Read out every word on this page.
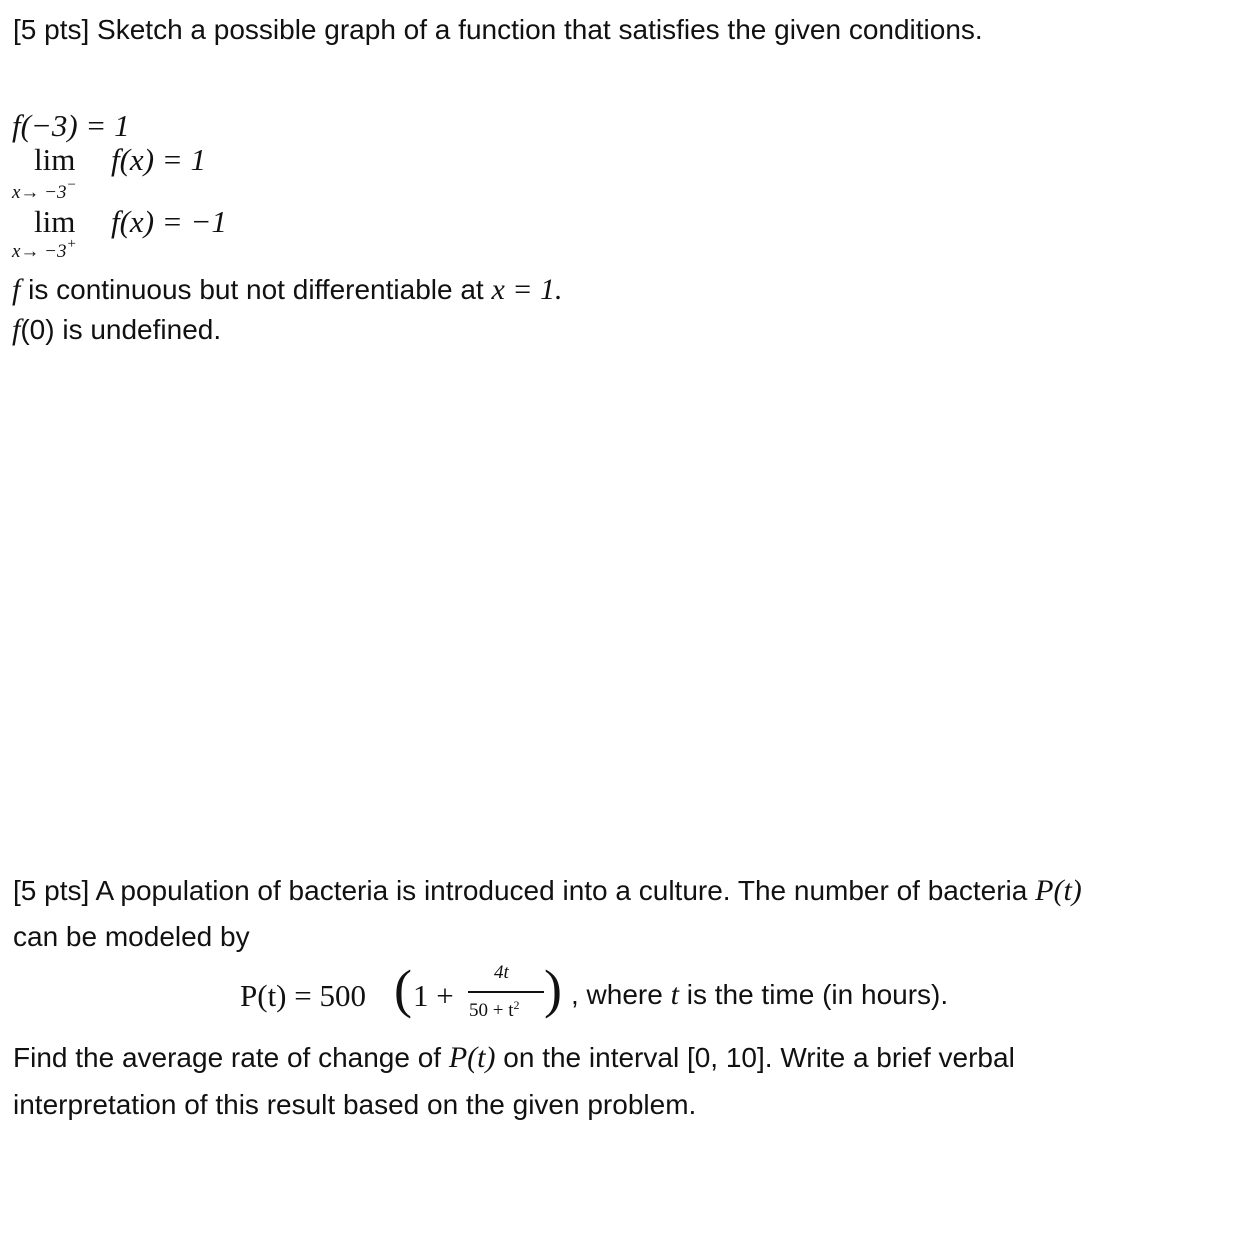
[5 pts] Sketch a possible graph of a function that satisfies the given conditions.
f(−3) = 1
lim f(x) = 1
x→ −3−
lim f(x) = −1
x→ −3+
f is continuous but not differentiable at x = 1.
f(0) is undefined.
[5 pts] A population of bacteria is introduced into a culture. The number of bacteria P(t)
can be modeled by
P(t) = 500 ( 1 +
4t
$50 + t^2$ ) , where t is the time (in hours).
Find the average rate of change of P(t) on the interval [0, 10]. Write a brief verbal
interpretation of this result based on the given problem.
